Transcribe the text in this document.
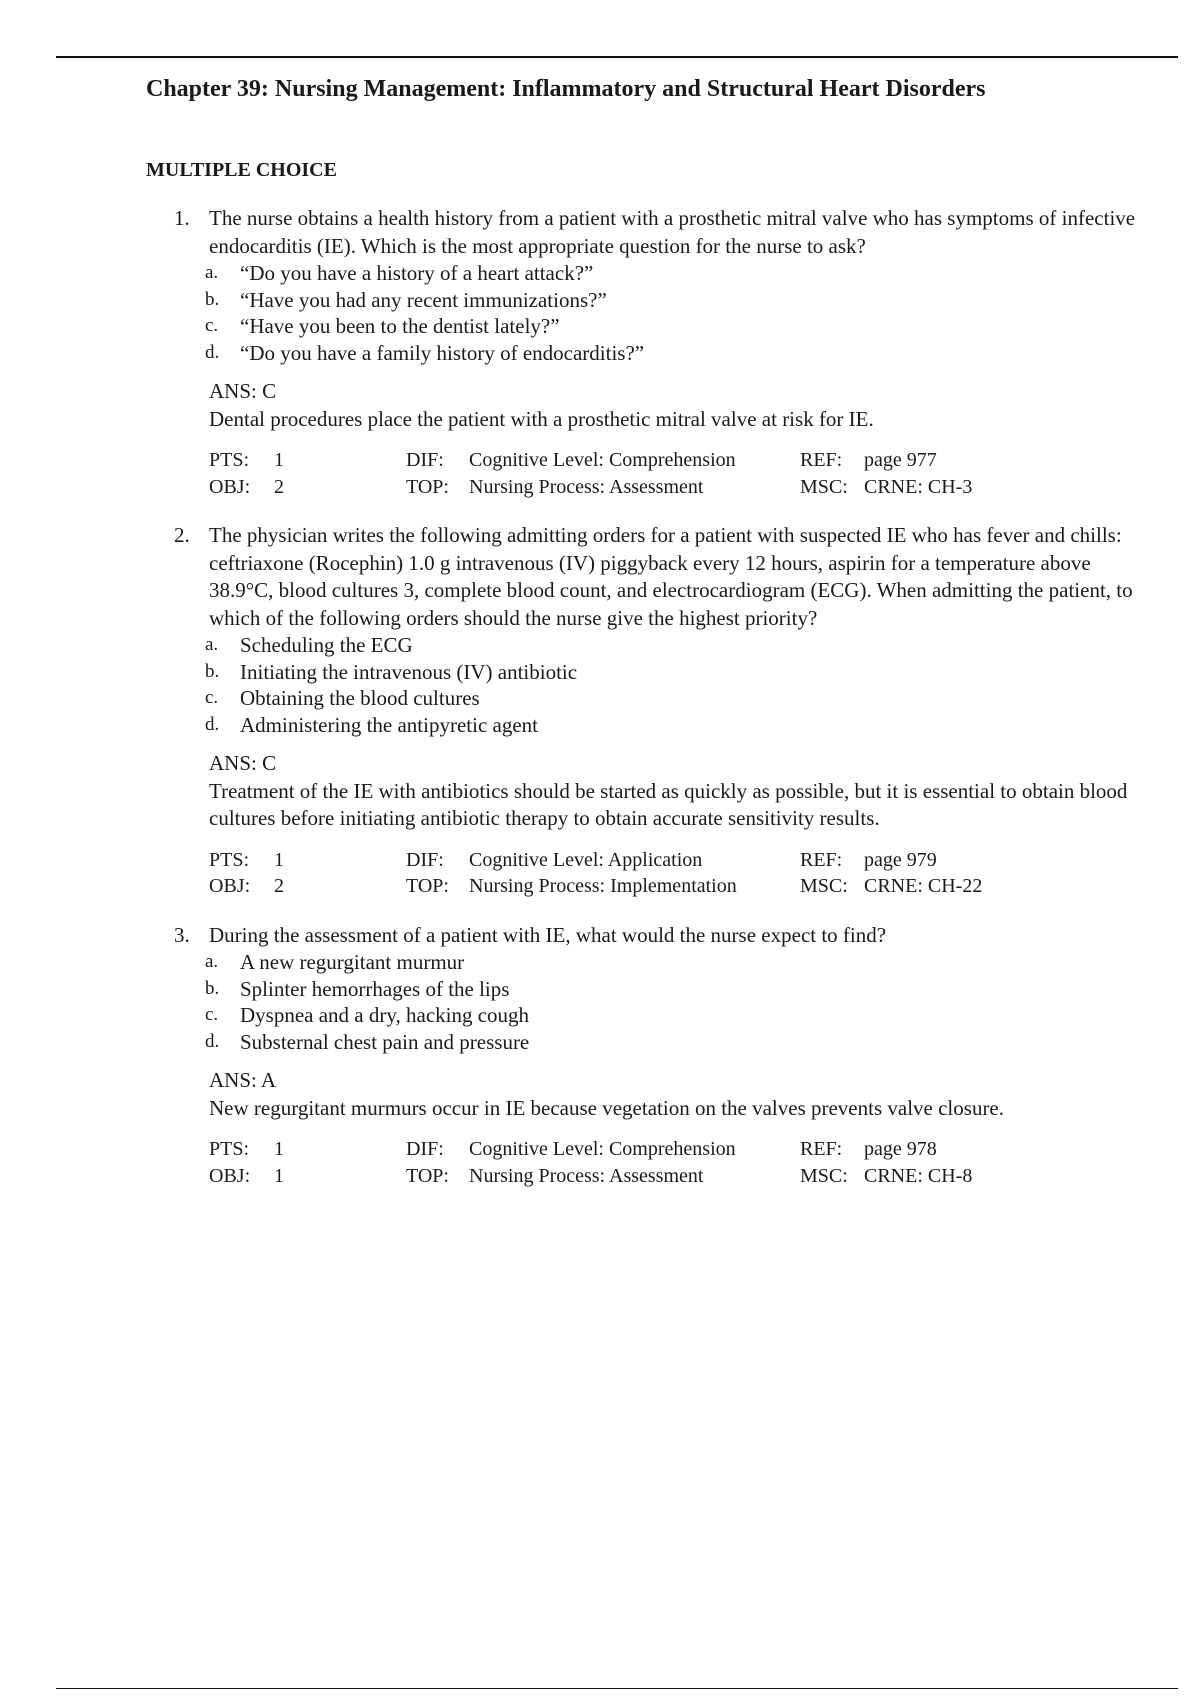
Chapter 39: Nursing Management: Inflammatory and Structural Heart Disorders
MULTIPLE CHOICE
1. The nurse obtains a health history from a patient with a prosthetic mitral valve who has symptoms of infective endocarditis (IE). Which is the most appropriate question for the nurse to ask?
a. “Do you have a history of a heart attack?”
b. “Have you had any recent immunizations?”
c. “Have you been to the dentist lately?”
d. “Do you have a family history of endocarditis?”
ANS: C
Dental procedures place the patient with a prosthetic mitral valve at risk for IE.
PTS:	1	DIF:	Cognitive Level: Comprehension	REF:	page 977
OBJ:	2	TOP:	Nursing Process: Assessment	MSC: CRNE: CH-3
2. The physician writes the following admitting orders for a patient with suspected IE who has fever and chills: ceftriaxone (Rocephin) 1.0 g intravenous (IV) piggyback every 12 hours, aspirin for a temperature above 38.9°C, blood cultures 3, complete blood count, and electrocardiogram (ECG). When admitting the patient, to which of the following orders should the nurse give the highest priority?
a. Scheduling the ECG
b. Initiating the intravenous (IV) antibiotic
c. Obtaining the blood cultures
d. Administering the antipyretic agent
ANS: C
Treatment of the IE with antibiotics should be started as quickly as possible, but it is essential to obtain blood cultures before initiating antibiotic therapy to obtain accurate sensitivity results.
PTS:	1	DIF:	Cognitive Level: Application	REF:	page 979
OBJ:	2	TOP:	Nursing Process: Implementation	MSC: CRNE: CH-22
3. During the assessment of a patient with IE, what would the nurse expect to find?
a. A new regurgitant murmur
b. Splinter hemorrhages of the lips
c. Dyspnea and a dry, hacking cough
d. Substernal chest pain and pressure
ANS: A
New regurgitant murmurs occur in IE because vegetation on the valves prevents valve closure.
PTS:	1	DIF:	Cognitive Level: Comprehension	REF:	page 978
OBJ:	1	TOP:	Nursing Process: Assessment	MSC: CRNE: CH-8
